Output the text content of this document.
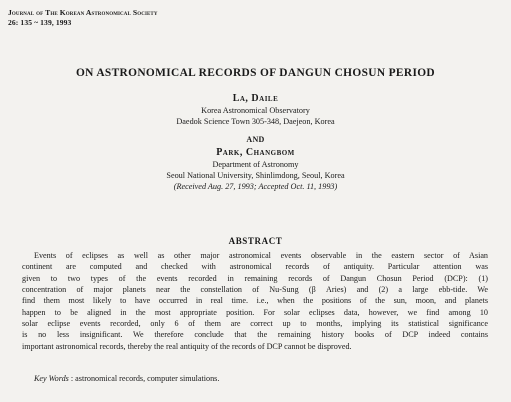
Journal of The Korean Astronomical Society
26: 135 ~ 139, 1993
ON ASTRONOMICAL RECORDS OF DANGUN CHOSUN PERIOD
La, Daile
Korea Astronomical Observatory
Daedok Science Town 305-348, Daejeon, Korea
AND
Park, Changbom
Department of Astronomy
Seoul National University, Shinlimdong, Seoul, Korea
(Received Aug. 27, 1993; Accepted Oct. 11, 1993)
ABSTRACT
Events of eclipses as well as other major astronomical events observable in the eastern sector of Asian
continent are computed and checked with astronomical records of antiquity. Particular attention was
given to two types of the events recorded in remaining records of Dangun Chosun Period (DCP): (1)
concentration of major planets near the constellation of Nu-Sung (β Aries) and (2) a large ebb-tide. We
find them most likely to have occurred in real time. i.e., when the positions of the sun, moon, and planets
happen to be aligned in the most appropriate position. For solar eclipses data, however, we find among 10
solar eclipse events recorded, only 6 of them are correct up to months, implying its statistical significance
is no less insignificant. We therefore conclude that the remaining history books of DCP indeed contains
important astronomical records, thereby the real antiquity of the records of DCP cannot be disproved.
Key Words : astronomical records, computer simulations.
